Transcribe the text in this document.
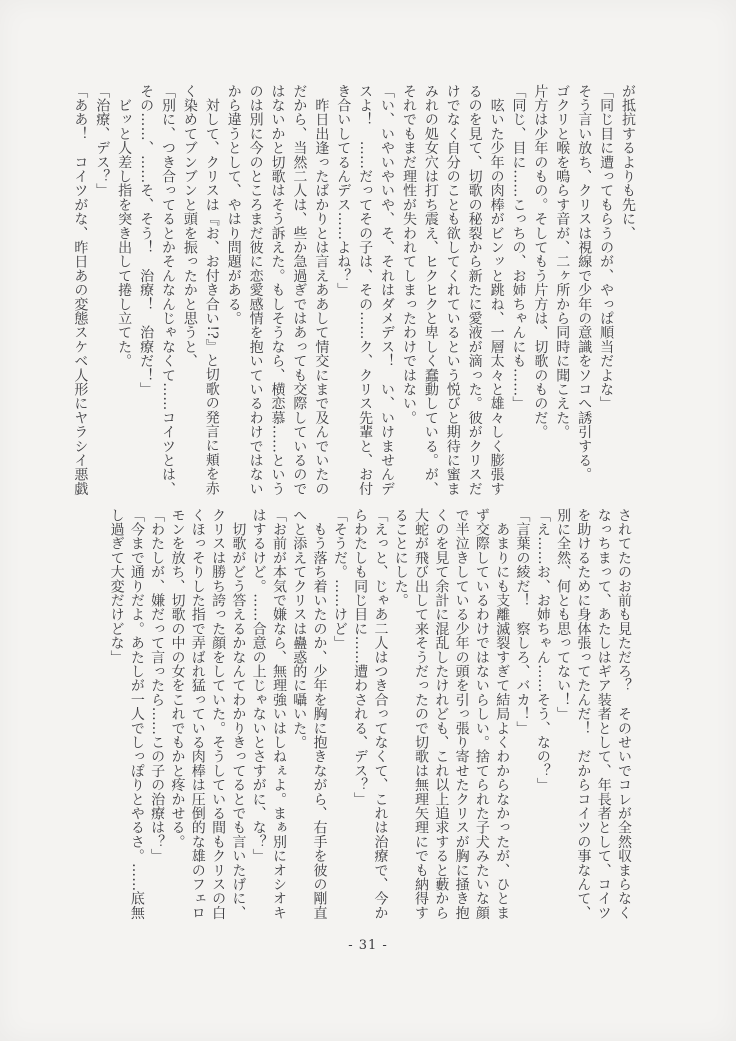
が抵抗するよりも先に、

「同じ目に遭ってもらうのが、やっぱ順当だよな」

そう言い放ち、クリスは視線で少年の意識をソコへ誘引する。

ゴクリと喉を鳴らす音が、二ヶ所から同時に聞こえた。

片方は少年のもの。そしてもう片方は、切歌のものだ。

「同じ、目に……こっちの、お姉ちゃんにも……」

　呟いた少年の肉棒がビンッと跳ね、一層太々と雄々しく膨張す

るのを見て、切歌の秘裂から新たに愛液が滴った。彼がクリスだ

けでなく自分のことも欲してくれているという悦びと期待に蜜ま

みれの処女穴は打ち震え、ヒクヒクと卑しく蠢動している。が、

それでもまだ理性が失われてしまったわけではない。

「い、いやいやいや、そ、それはダメデス！　い、いけませんデ

スよ！　……だってその子は、その……ク、クリス先輩と、お付

き合いしてるんデス……よね？」

　昨日出逢ったばかりとは言えああして情交にまで及んでいたの

だから、当然二人は、些か急過ぎではあっても交際しているので

はないかと切歌はそう訴えた。もしそうなら、横恋慕……という

のは別に今のところまだ彼に恋愛感情を抱いているわけではない

から違うとして、やはり問題がある。

　対して、クリスは『お、お付き合い!?』と切歌の発言に頬を赤

く染めてブンブンと頭を振ったかと思うと、

「別に、つき合ってるとかそんなんじゃなくて……コイツとは、

その……、……そ、そう！　治療！　治療だ！」

　ビッと人差し指を突き出して捲し立てた。

「治療、デス？」

「ああ！　コイツがな、昨日あの変態スケベ人形にヤラシイ悪戯

されてたのお前も見ただろ？　そのせいでコレが全然収まらなく

なっちまって、あたしはギア装者として、年長者として、コイツ

を助けるために身体張ってたんだ！　だからコイツの事なんて、

別に全然、何とも思ってない！」

「え……お、お姉ちゃん……そう、なの？」

「言葉の綾だ！　察しろ、バカ！」

　あまりにも支離滅裂すぎて結局よくわからなかったが、ひとま

ず交際しているわけではないらしい。捨てられた子犬みたいな顔

で半泣きしている少年の頭を引っ張り寄せたクリスが胸に掻き抱

くのを見て余計に混乱したけれども、これ以上追求すると藪から

大蛇が飛び出して来そうだったので切歌は無理矢理にでも納得す

ることにした。

「えっと、じゃあ二人はつき合ってなくて、これは治療で、今か

らわたしも同じ目に……遭わされる、デス？」

「そうだ。……けど」

　もう落ち着いたのか、少年を胸に抱きながら、右手を彼の剛直

へと添えてクリスは蠱惑的に囁いた。

「お前が本気で嫌なら、無理強いはしねぇよ。まぁ別にオシオキ

はするけど。……合意の上じゃないとさすがに、な？」

　切歌がどう答えるかなんてわかりきってるとでも言いたげに、

クリスは勝ち誇った顔をしていた。そうしている間もクリスの白

くほっそりした指で弄ばれ猛っている肉棒は圧倒的な雄のフェロ

モンを放ち、切歌の中の女をこれでもかと疼かせる。

「わたしが、嫌だって言ったら……この子の治療は？」

「今まで通りだよ。あたしが一人でしっぽりとやるさ。……底無

し過ぎて大変だけどな」

- 31 -
